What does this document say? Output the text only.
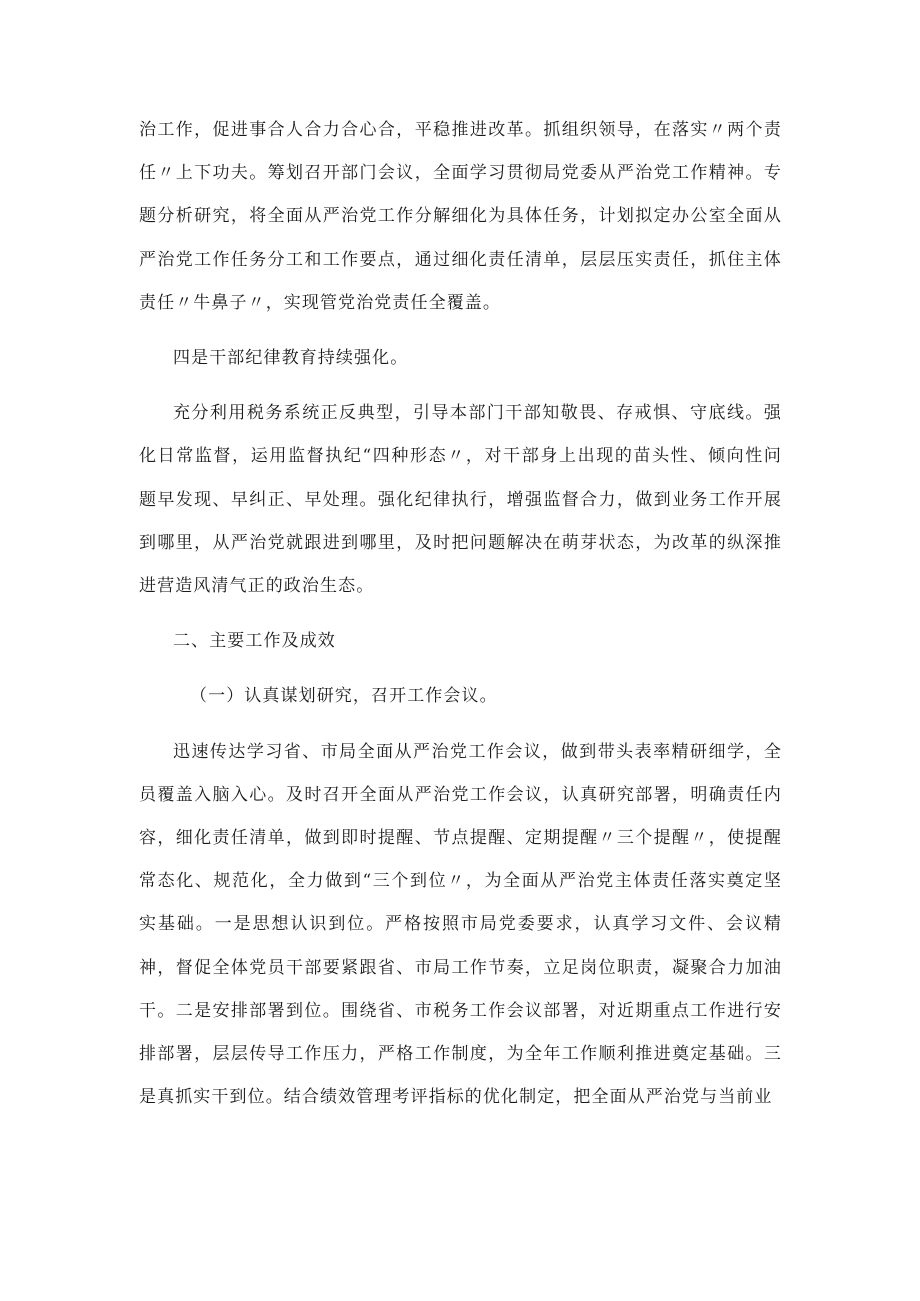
治工作，促进事合人合力合心合，平稳推进改革。抓组织领导，在落实〃两个责任〃上下功夫。筹划召开部门会议，全面学习贯彻局党委从严治党工作精神。专题分析研究，将全面从严治党工作分解细化为具体任务，计划拟定办公室全面从严治党工作任务分工和工作要点，通过细化责任清单，层层压实责任，抓住主体责任〃牛鼻子〃，实现管党治党责任全覆盖。

四是干部纪律教育持续强化。

充分利用税务系统正反典型，引导本部门干部知敬畏、存戒惧、守底线。强化日常监督，运用监督执纪“四种形态〃，对干部身上出现的苗头性、倾向性问题早发现、早纠正、早处理。强化纪律执行，增强监督合力，做到业务工作开展到哪里，从严治党就跟进到哪里，及时把问题解决在萌芽状态，为改革的纵深推进营造风清气正的政治生态。

二、主要工作及成效

（一）认真谋划研究，召开工作会议。

迅速传达学习省、市局全面从严治党工作会议，做到带头表率精研细学，全员覆盖入脑入心。及时召开全面从严治党工作会议，认真研究部署，明确责任内容，细化责任清单，做到即时提醒、节点提醒、定期提醒〃三个提醒〃，使提醒常态化、规范化，全力做到“三个到位〃，为全面从严治党主体责任落实奠定坚实基础。一是思想认识到位。严格按照市局党委要求，认真学习文件、会议精神，督促全体党员干部要紧跟省、市局工作节奏，立足岗位职责，凝聚合力加油干。二是安排部署到位。围绕省、市税务工作会议部署，对近期重点工作进行安排部署，层层传导工作压力，严格工作制度，为全年工作顺利推进奠定基础。三是真抓实干到位。结合绩效管理考评指标的优化制定，把全面从严治党与当前业
